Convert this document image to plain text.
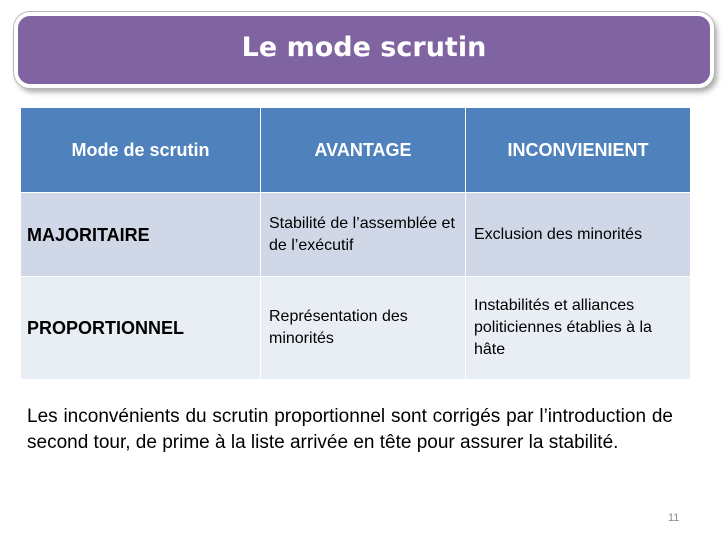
Le mode scrutin
Mode de scrutin	AVANTAGE	INCONVIENIENT
MAJORITAIRE	Stabilité de l’assemblée et de l’exécutif	Exclusion des minorités
PROPORTIONNEL	Représentation des minorités	Instabilités et alliances politiciennes établies à la hâte
Les inconvénients du scrutin proportionnel sont corrigés par l’introduction de second tour, de prime à la liste arrivée en tête pour assurer la stabilité.
11
